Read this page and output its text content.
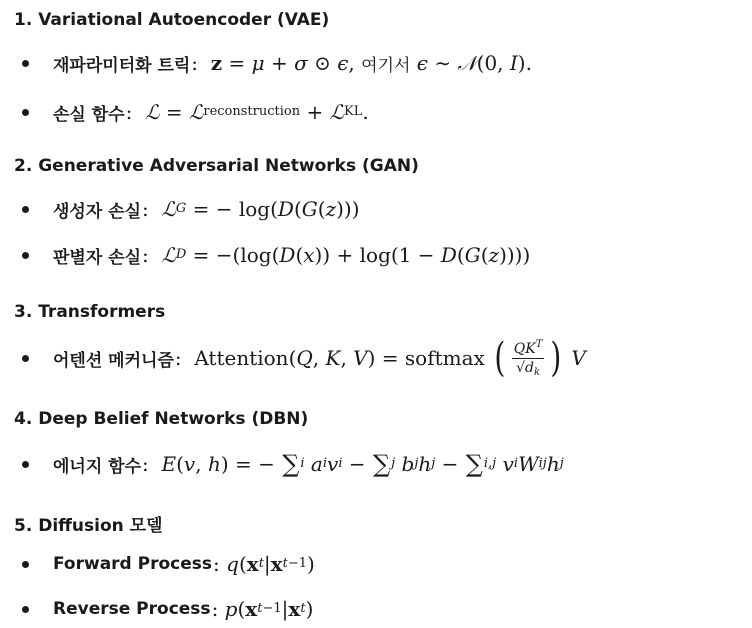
1. Variational Autoencoder (VAE)
재파라미터화 트릭 : z = μ + σ ⊙ ϵ , 여기서
ϵ ∼ 𝒩 (0, I ).
손실 함수 : ℒ = ℒ reconstruction + ℒ KL .
2. Generative Adversarial Networks (GAN)
생성자 손실 : ℒ G = − log( D ( G ( z )))
판별자 손실 : ℒ D = −(log( D ( x )) + log(1 − D ( G ( z ))))
3. Transformers
어텐션 메커니즘 : Attention( Q , K , V ) = softmax ( $\frac{QK^T}{√d_k}$ )
V
4. Deep Belief Networks (DBN)
에너지 함수 : E ( v , h ) = − ∑ i
a i v i − ∑ j
b j h j − ∑ i,j
v i W ij h j
5. Diffusion 모델
Forward Process : q ( x t | x t−1 )
Reverse Process : p ( x t−1 | x t )
